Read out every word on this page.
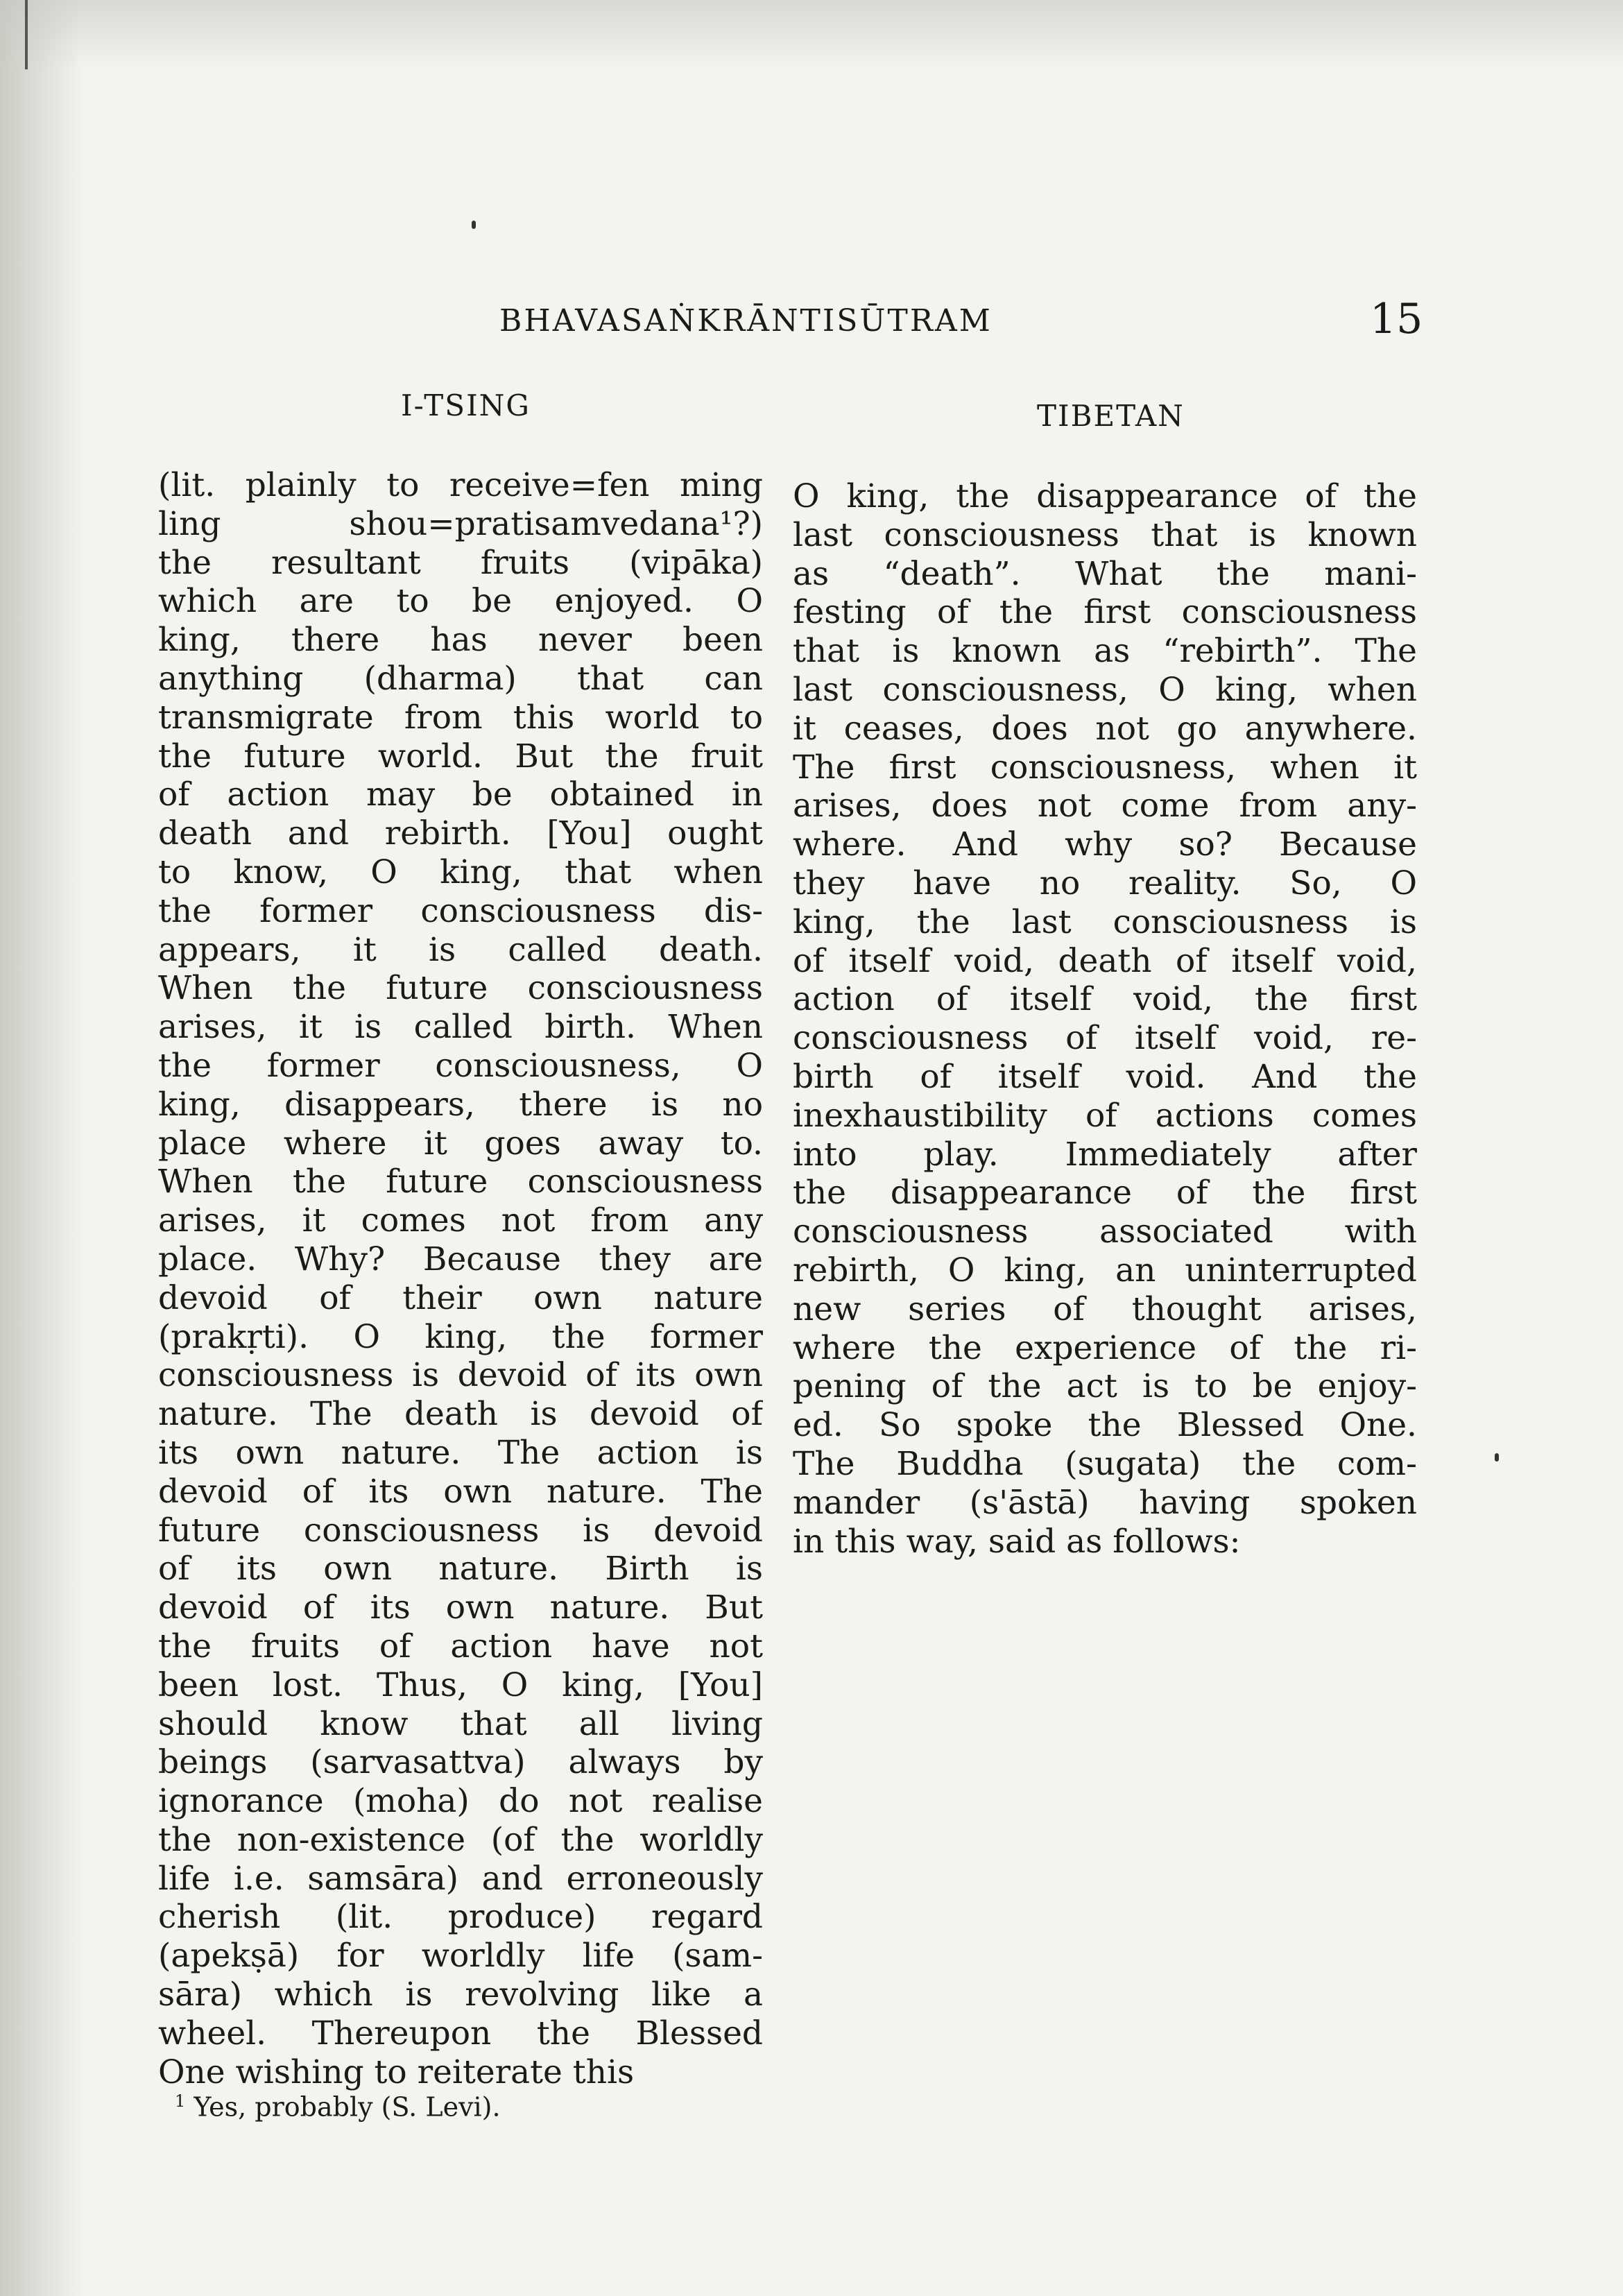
BHAVASAṄKRĀNTISŪTRAM	15
I-TSING	TIBETAN
(lit. plainly to receive=fen ming
ling shou=pratisamvedana¹?)
the resultant fruits (vipāka)
which are to be enjoyed. O
king, there has never been
anything (dharma) that can
transmigrate from this world to
the future world. But the fruit
of action may be obtained in
death and rebirth. [You] ought
to know, O king, that when
the former consciousness dis-
appears, it is called death.
When the future consciousness
arises, it is called birth. When
the former consciousness, O
king, disappears, there is no
place where it goes away to.
When the future consciousness
arises, it comes not from any
place. Why? Because they are
devoid of their own nature
(prakṛti). O king, the former
consciousness is devoid of its own
nature. The death is devoid of
its own nature. The action is
devoid of its own nature. The
future consciousness is devoid
of its own nature. Birth is
devoid of its own nature. But
the fruits of action have not
been lost. Thus, O king, [You]
should know that all living
beings (sarvasattva) always by
ignorance (moha) do not realise
the non-existence (of the worldly
life i.e. samsāra) and erroneously
cherish (lit. produce) regard
(apekṣā) for worldly life (sam-
sāra) which is revolving like a
wheel. Thereupon the Blessed
One wishing to reiterate this
O king, the disappearance of the
last consciousness that is known
as “death”. What the mani-
festing of the first consciousness
that is known as “rebirth”. The
last consciousness, O king, when
it ceases, does not go anywhere.
The first consciousness, when it
arises, does not come from any-
where. And why so? Because
they have no reality. So, O
king, the last consciousness is
of itself void, death of itself void,
action of itself void, the first
consciousness of itself void, re-
birth of itself void. And the
inexhaustibility of actions comes
into play. Immediately after
the disappearance of the first
consciousness associated with
rebirth, O king, an uninterrupted
new series of thought arises,
where the experience of the ri-
pening of the act is to be enjoy-
ed. So spoke the Blessed One.
The Buddha (sugata) the com-
mander (s'āstā) having spoken
in this way, said as follows:
$^1$ Yes, probably (S. Levi).
